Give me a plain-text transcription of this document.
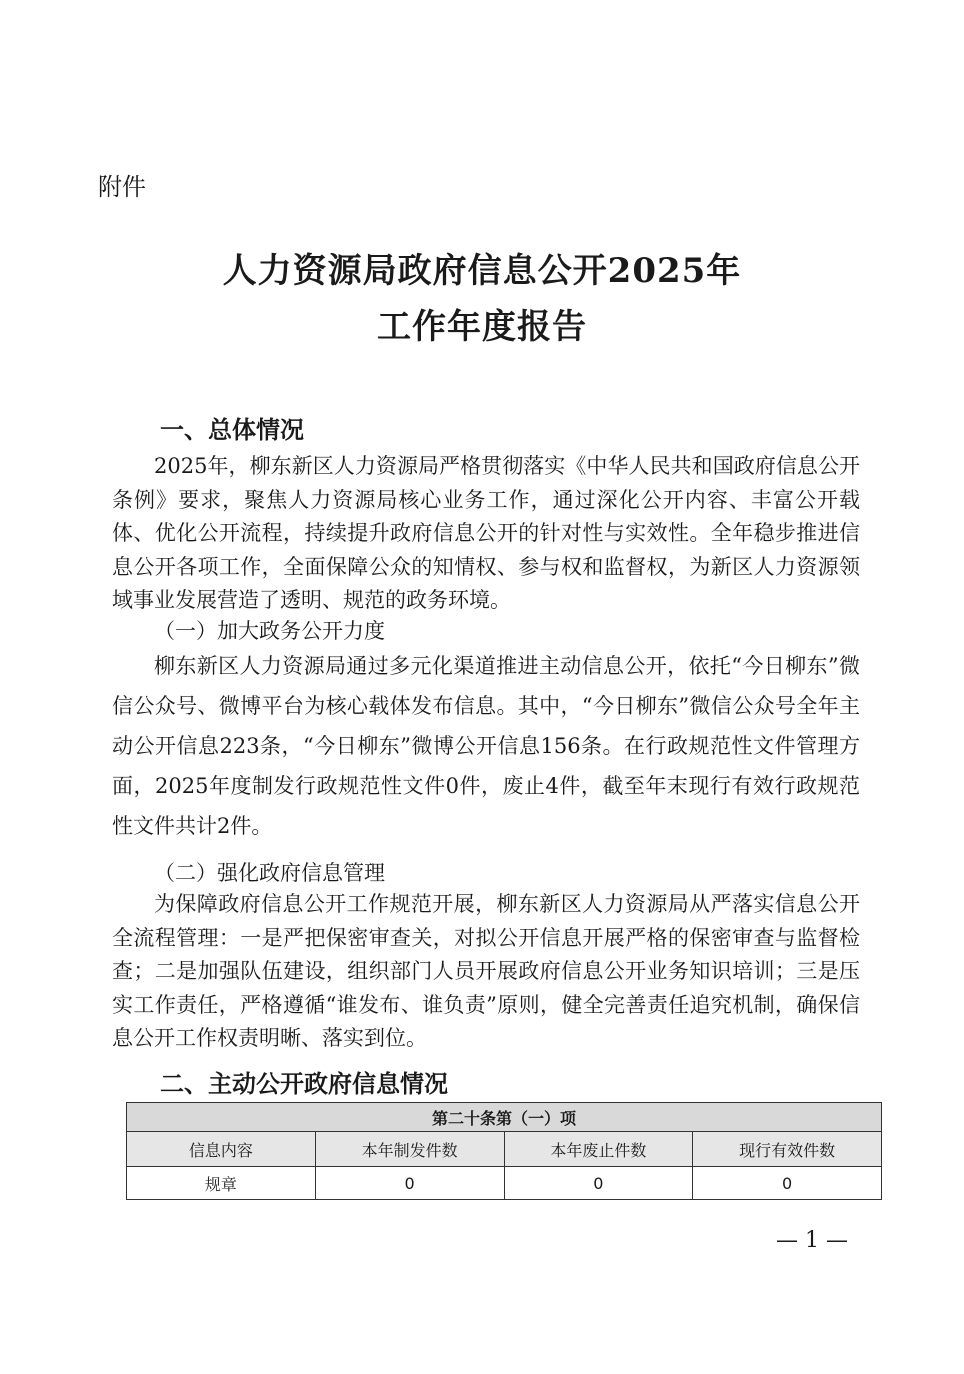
附件
人力资源局政府信息公开2025年
工作年度报告
一、总体情况

2025年，柳东新区人力资源局严格贯彻落实《中华人民共和国政府信息公开条例》要求，聚焦人力资源局核心业务工作，通过深化公开内容、丰富公开载体、优化公开流程，持续提升政府信息公开的针对性与实效性。全年稳步推进信息公开各项工作，全面保障公众的知情权、参与权和监督权，为新区人力资源领域事业发展营造了透明、规范的政务环境。

（一）加大政务公开力度

柳东新区人力资源局通过多元化渠道推进主动信息公开，依托“今日柳东”微信公众号、微博平台为核心载体发布信息。其中，“今日柳东”微信公众号全年主动公开信息223条，“今日柳东”微博公开信息156条。在行政规范性文件管理方面，2025年度制发行政规范性文件0件，废止4件，截至年末现行有效行政规范性文件共计2件。

（二）强化政府信息管理

为保障政府信息公开工作规范开展，柳东新区人力资源局从严落实信息公开全流程管理：一是严把保密审查关，对拟公开信息开展严格的保密审查与监督检查；二是加强队伍建设，组织部门人员开展政府信息公开业务知识培训；三是压实工作责任，严格遵循“谁发布、谁负责”原则，健全完善责任追究机制，确保信息公开工作权责明晰、落实到位。

二、主动公开政府信息情况
第二十条第（一）项			
信息内容	本年制发件数	本年废止件数	现行有效件数
规章	0	0	0
— 1 —
